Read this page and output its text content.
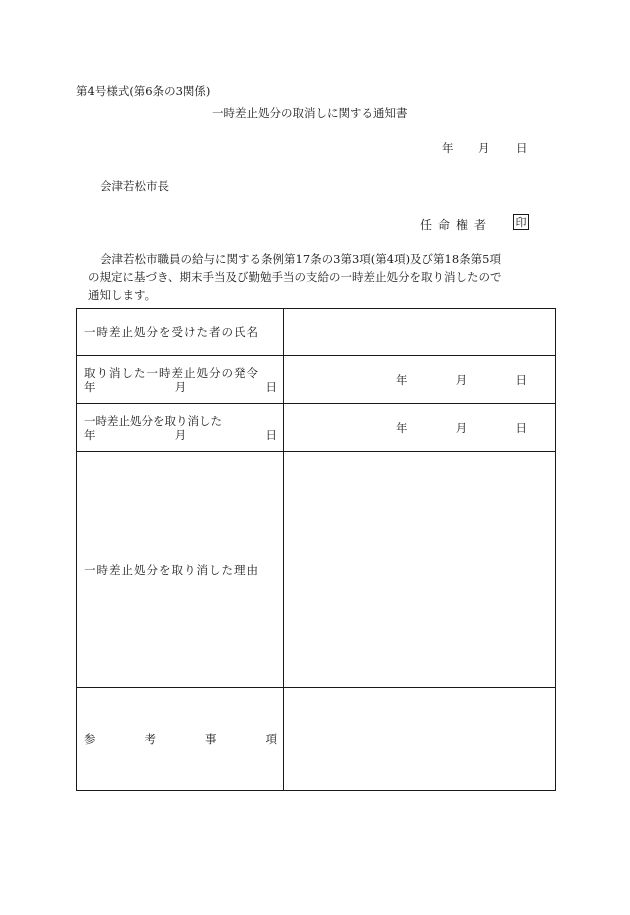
第4号様式(第6条の3関係)
一時差止処分の取消しに関する通知書
年 月 日
会津若松市長
任命権者 印
会津若松市職員の給与に関する条例第17条の3第3項(第4項)及び第18条第5項
の規定に基づき、期末手当及び勤勉手当の支給の一時差止処分を取り消したので
通知します。
一時差止処分を受けた者の氏名	

取り消した一時差止処分の発令
年 月 日	年 月 日

一時差止処分を取り消した
年 月 日	年 月 日

一時差止処分を取り消した理由	

参 考 事 項	
